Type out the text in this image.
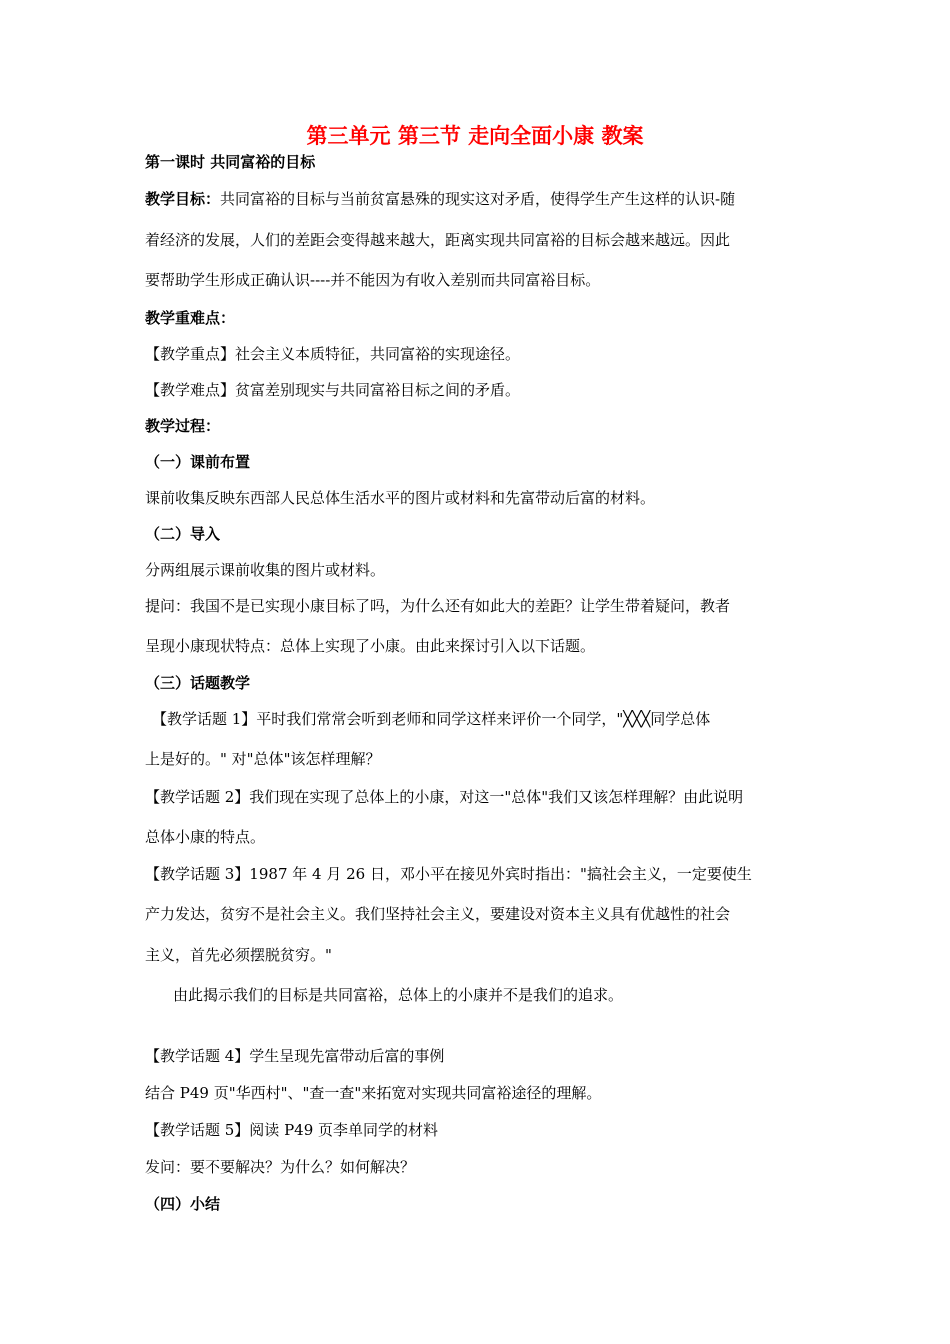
第三单元 第三节 走向全面小康 教案
第一课时 共同富裕的目标
教学目标：共同富裕的目标与当前贫富悬殊的现实这对矛盾，使得学生产生这样的认识-随
着经济的发展，人们的差距会变得越来越大，距离实现共同富裕的目标会越来越远。因此
要帮助学生形成正确认识----并不能因为有收入差别而共同富裕目标。
教学重难点：
【教学重点】社会主义本质特征，共同富裕的实现途径。
【教学难点】贫富差别现实与共同富裕目标之间的矛盾。
教学过程：
（一）课前布置
课前收集反映东西部人民总体生活水平的图片或材料和先富带动后富的材料。
（二）导入
分两组展示课前收集的图片或材料。
提问：我国不是已实现小康目标了吗，为什么还有如此大的差距？让学生带着疑问，教者
呈现小康现状特点：总体上实现了小康。由此来探讨引入以下话题。
（三）话题教学
【教学话题 1】平时我们常常会听到老师和同学这样来评价一个同学，"╳╳╳同学总体
上是好的。" 对"总体"该怎样理解？
【教学话题 2】我们现在实现了总体上的小康，对这一"总体"我们又该怎样理解？由此说明
总体小康的特点。
【教学话题 3】1987 年 4 月 26 日，邓小平在接见外宾时指出："搞社会主义，一定要使生
产力发达，贫穷不是社会主义。我们坚持社会主义，要建设对资本主义具有优越性的社会
主义，首先必须摆脱贫穷。"
由此揭示我们的目标是共同富裕，总体上的小康并不是我们的追求。
【教学话题 4】学生呈现先富带动后富的事例
结合 P49 页"华西村"、"查一查"来拓宽对实现共同富裕途径的理解。
【教学话题 5】阅读 P49 页李单同学的材料
发问：要不要解决？为什么？如何解决？
（四）小结
